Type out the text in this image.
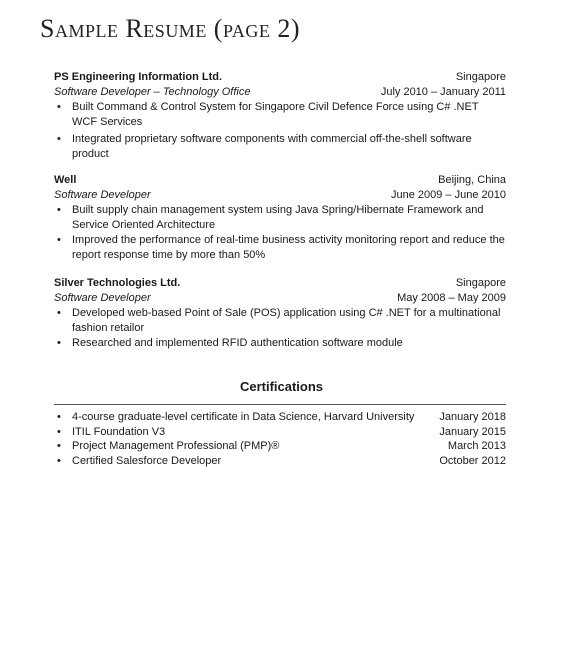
Sample Resume (page 2)
PS Engineering Information Ltd.	Singapore
Software Developer – Technology Office	July 2010 – January 2011
• Built Command & Control System for Singapore Civil Defence Force using C# .NET WCF Services
• Integrated proprietary software components with commercial off-the-shell software product
Well	Beijing, China
Software Developer	June 2009 – June 2010
• Built supply chain management system using Java Spring/Hibernate Framework and Service Oriented Architecture
• Improved the performance of real-time business activity monitoring report and reduce the report response time by more than 50%
Silver Technologies Ltd.	Singapore
Software Developer	May 2008 – May 2009
• Developed web-based Point of Sale (POS) application using C# .NET for a multinational fashion retailor
• Researched and implemented RFID authentication software module
Certifications
• 4-course graduate-level certificate in Data Science, Harvard University January 2018
• ITIL Foundation V3	January 2015
• Project Management Professional (PMP)®	March 2013
• Certified Salesforce Developer	October 2012
